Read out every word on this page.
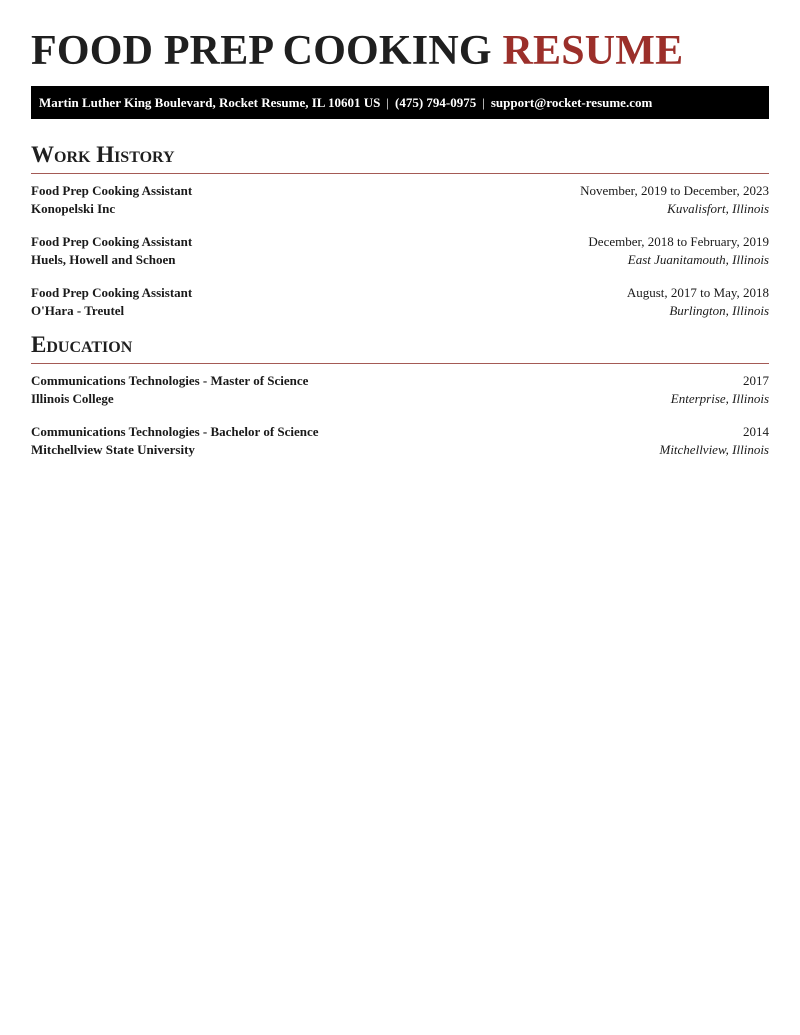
FOOD PREP COOKING RESUME
Martin Luther King Boulevard, Rocket Resume, IL 10601 US | (475) 794-0975 | support@rocket-resume.com
Work History
Food Prep Cooking Assistant	November, 2019 to December, 2023
Konopelski Inc	Kuvalisfort, Illinois
Food Prep Cooking Assistant	December, 2018 to February, 2019
Huels, Howell and Schoen	East Juanitamouth, Illinois
Food Prep Cooking Assistant	August, 2017 to May, 2018
O'Hara - Treutel	Burlington, Illinois
Education
Communications Technologies - Master of Science	2017
Illinois College	Enterprise, Illinois
Communications Technologies - Bachelor of Science	2014
Mitchellview State University	Mitchellview, Illinois
